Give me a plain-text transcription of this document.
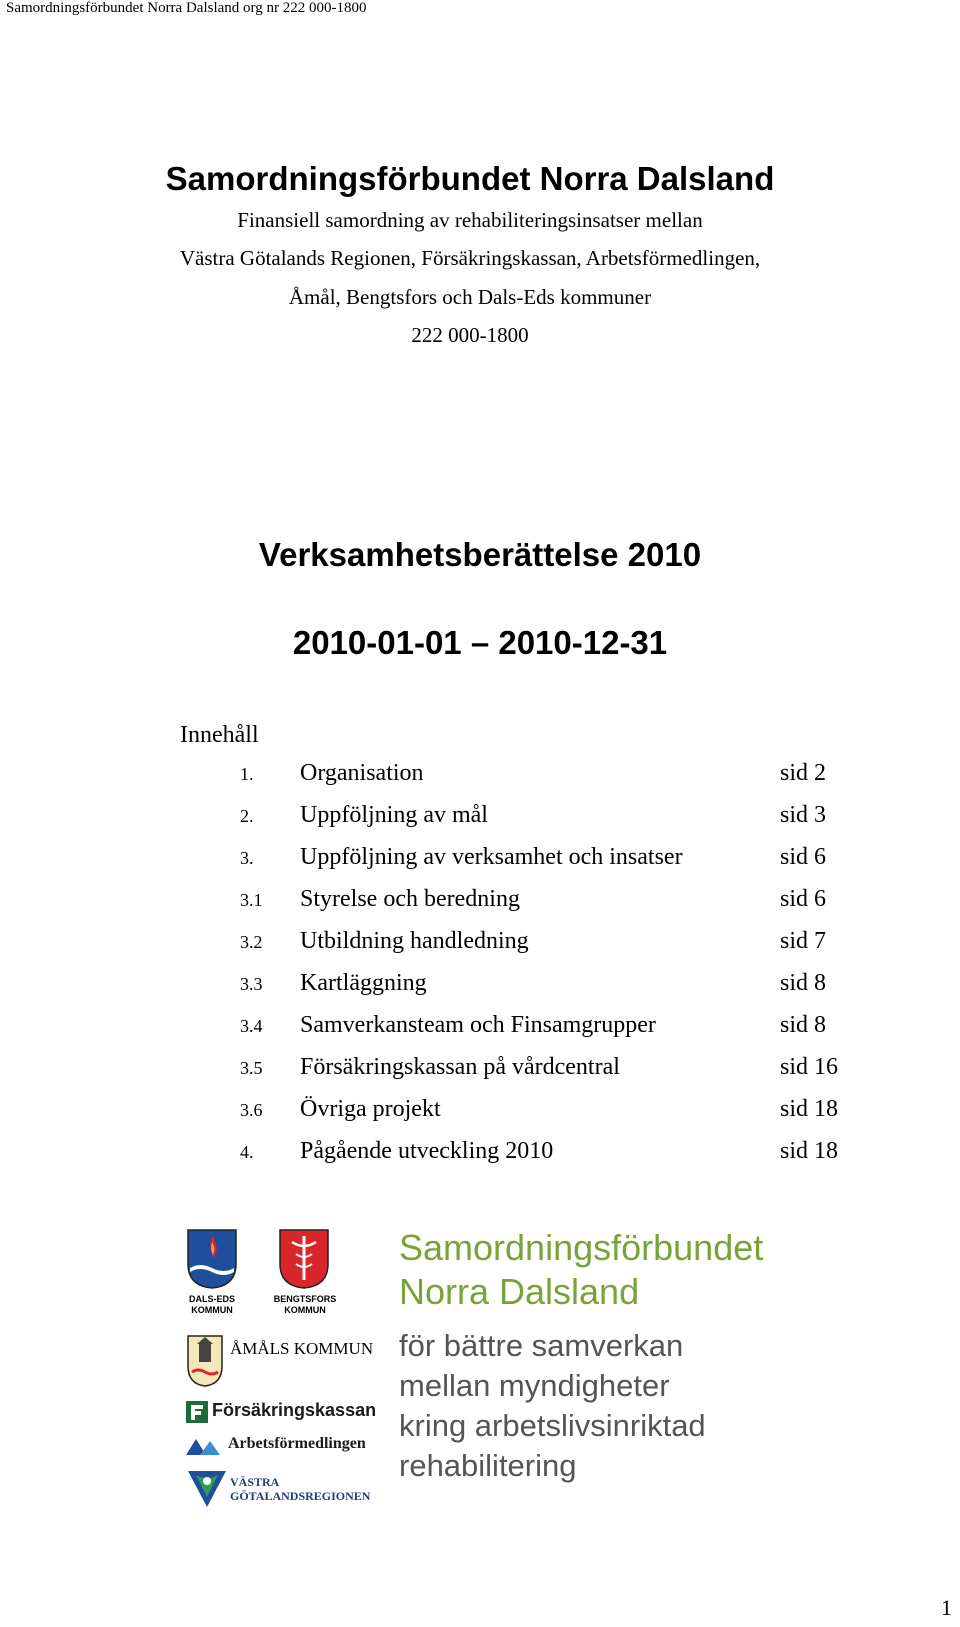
Samordningsförbundet Norra Dalsland org nr 222 000-1800
Samordningsförbundet Norra Dalsland
Finansiell samordning av rehabiliteringsinsatser mellan
Västra Götalands Regionen, Försäkringskassan, Arbetsförmedlingen,
Åmål, Bengtsfors och Dals-Eds kommuner
222 000-1800
Verksamhetsberättelse 2010
2010-01-01 – 2010-12-31
Innehåll
1. Organisation	sid 2
2. Uppföljning av mål	sid 3
3. Uppföljning av verksamhet och insatser	sid 6
3.1 Styrelse och beredning	sid 6
3.2 Utbildning handledning	sid 7
3.3 Kartläggning	sid 8
3.4 Samverkansteam och Finsamgrupper	sid 8
3.5 Försäkringskassan på vårdcentral	sid 16
3.6 Övriga projekt	sid 18
4. Pågående utveckling 2010	sid 18
DALS-EDS
KOMMUN
BENGTSFORS
KOMMUN
ÅMÅLS KOMMUN
Försäkringskassan
Arbetsförmedlingen
VÄSTRA
GÖTALANDSREGIONEN
Samordningsförbundet
Norra Dalsland
för bättre samverkan
mellan myndigheter
kring arbetslivsinriktad
rehabilitering
1
